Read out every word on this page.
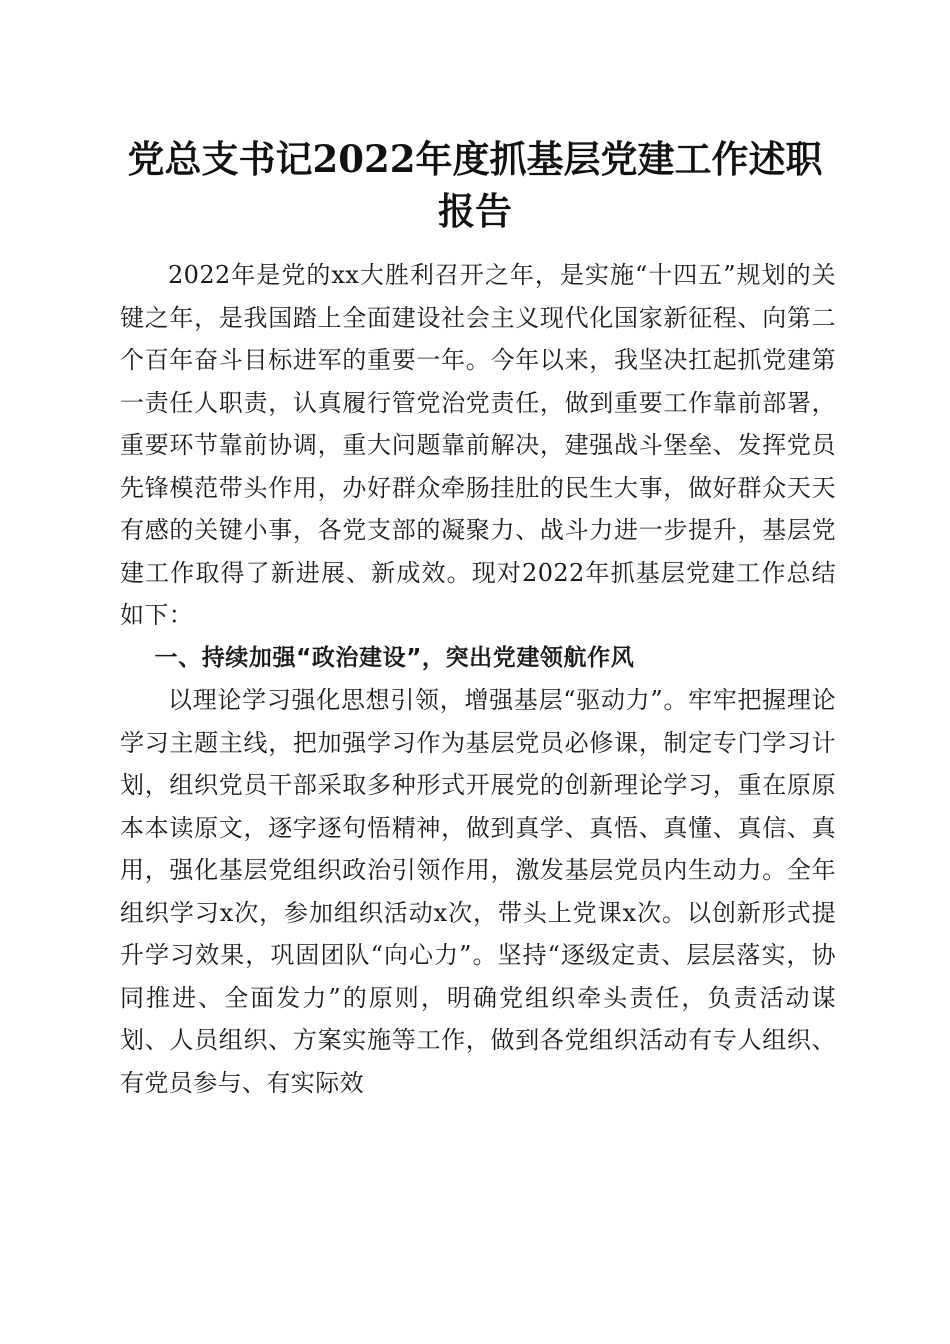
党总支书记2022年度抓基层党建工作述职报告

2022年是党的xx大胜利召开之年，是实施“十四五”规划的关键之年，是我国踏上全面建设社会主义现代化国家新征程、向第二个百年奋斗目标进军的重要一年。今年以来，我坚决扛起抓党建第一责任人职责，认真履行管党治党责任，做到重要工作靠前部署，重要环节靠前协调，重大问题靠前解决，建强战斗堡垒、发挥党员先锋模范带头作用，办好群众牵肠挂肚的民生大事，做好群众天天有感的关键小事，各党支部的凝聚力、战斗力进一步提升，基层党建工作取得了新进展、新成效。现对2022年抓基层党建工作总结如下：

一、持续加强“政治建设”，突出党建领航作风

以理论学习强化思想引领，增强基层“驱动力”。牢牢把握理论学习主题主线，把加强学习作为基层党员必修课，制定专门学习计划，组织党员干部采取多种形式开展党的创新理论学习，重在原原本本读原文，逐字逐句悟精神，做到真学、真悟、真懂、真信、真用，强化基层党组织政治引领作用，激发基层党员内生动力。全年组织学习x次，参加组织活动x次，带头上党课x次。以创新形式提升学习效果，巩固团队“向心力”。坚持“逐级定责、层层落实，协同推进、全面发力”的原则，明确党组织牵头责任，负责活动谋划、人员组织、方案实施等工作，做到各党组织活动有专人组织、有党员参与、有实际效
